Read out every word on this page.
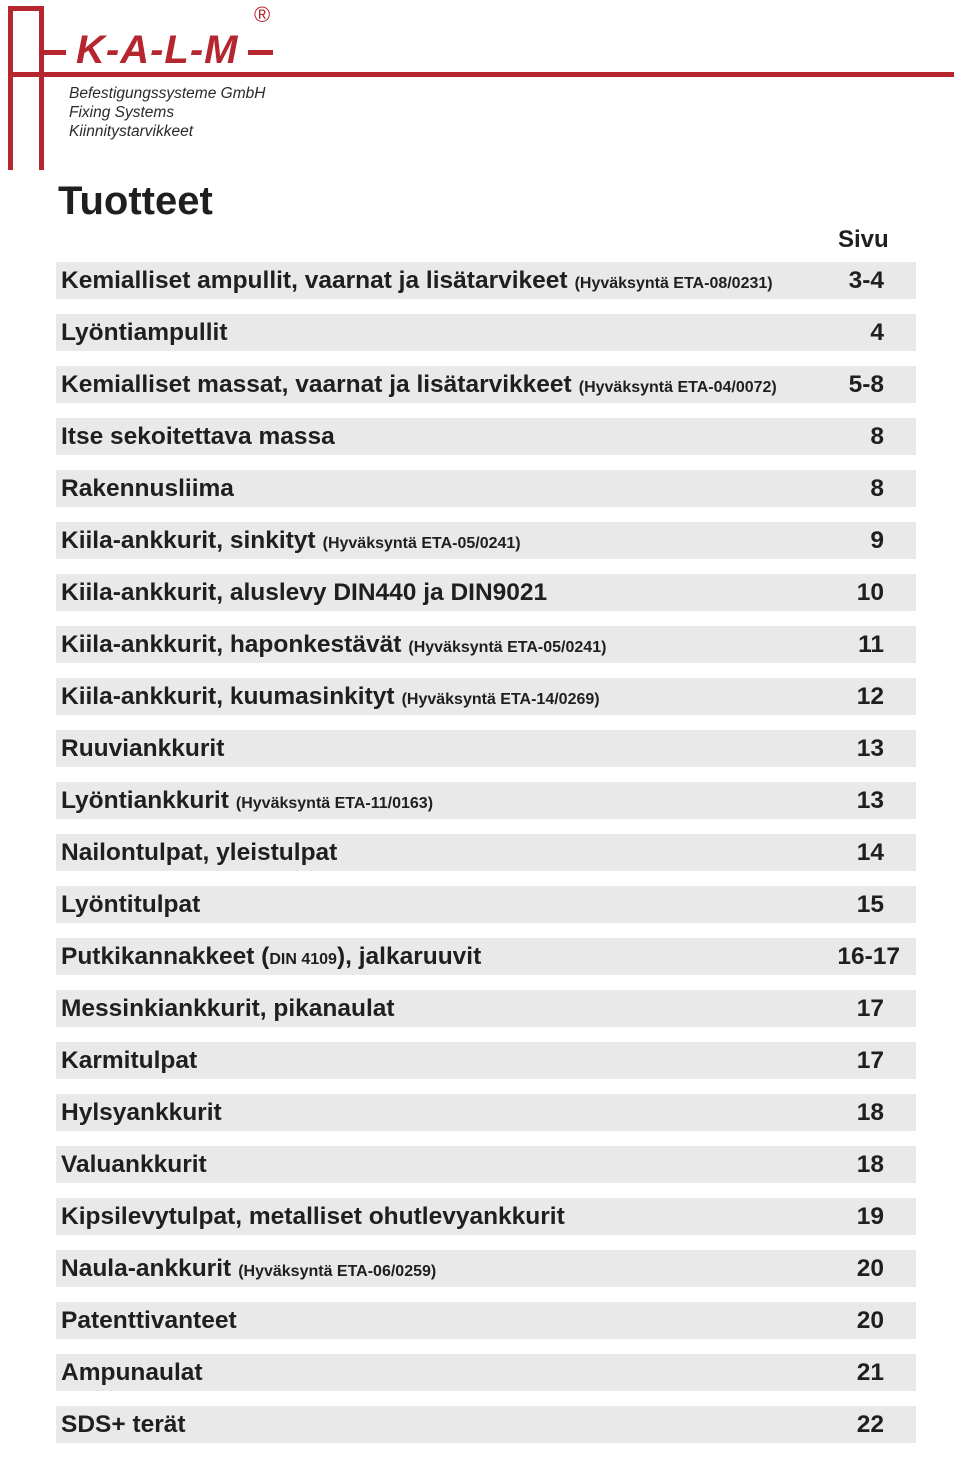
K-A-L-M
®
Befestigungssysteme GmbH
Fixing Systems
Kiinnitystarvikkeet
Tuotteet
Sivu
Kemialliset ampullit, vaarnat ja lisätarvikeet (Hyväksyntä ETA-08/0231)	3-4
Lyöntiampullit	4
Kemialliset massat, vaarnat ja lisätarvikkeet (Hyväksyntä ETA-04/0072)	5-8
Itse sekoitettava massa	8
Rakennusliima	8
Kiila-ankkurit, sinkityt (Hyväksyntä ETA-05/0241)	9
Kiila-ankkurit, aluslevy DIN440 ja DIN9021	10
Kiila-ankkurit, haponkestävät (Hyväksyntä ETA-05/0241)	11
Kiila-ankkurit, kuumasinkityt (Hyväksyntä ETA-14/0269)	12
Ruuviankkurit	13
Lyöntiankkurit (Hyväksyntä ETA-11/0163)	13
Nailontulpat, yleistulpat	14
Lyöntitulpat	15
Putkikannakkeet (DIN 4109), jalkaruuvit	16-17
Messinkiankkurit, pikanaulat	17
Karmitulpat	17
Hylsyankkurit	18
Valuankkurit	18
Kipsilevytulpat, metalliset ohutlevyankkurit	19
Naula-ankkurit (Hyväksyntä ETA-06/0259)	20
Patenttivanteet	20
Ampunaulat	21
SDS+ terät	22
